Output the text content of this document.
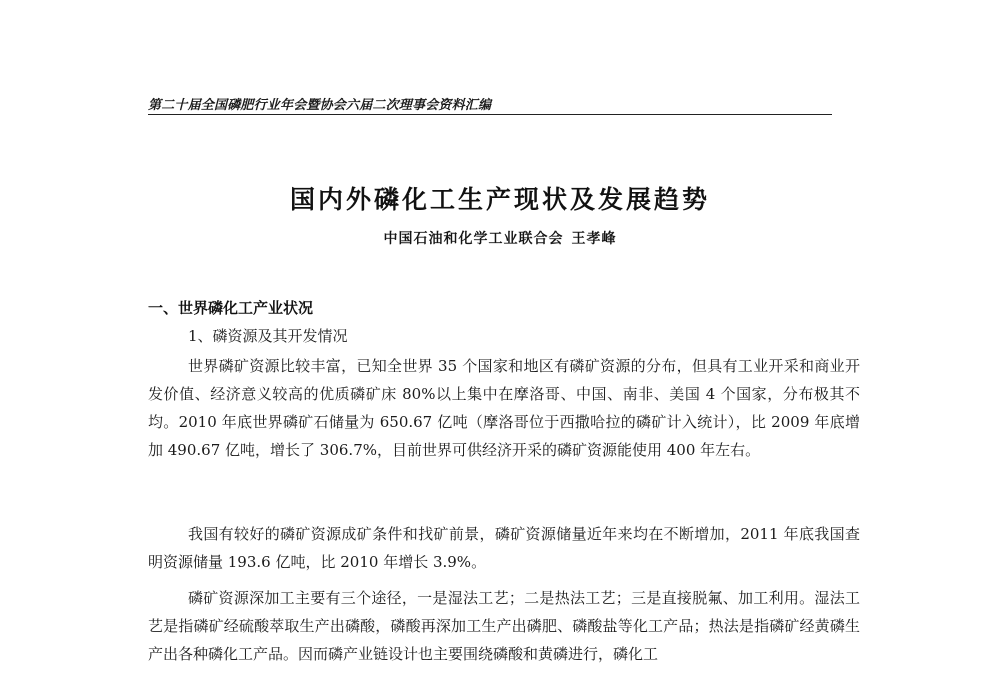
第二十届全国磷肥行业年会暨协会六届二次理事会资料汇编
国内外磷化工生产现状及发展趋势
中国石油和化学工业联合会 王孝峰
一、世界磷化工产业状况
1、磷资源及其开发情况

世界磷矿资源比较丰富，已知全世界 35 个国家和地区有磷矿资源的分布，但具有工业开采和商业开发价值、经济意义较高的优质磷矿床 80%以上集中在摩洛哥、中国、南非、美国 4 个国家，分布极其不均。2010 年底世界磷矿石储量为 650.67 亿吨（摩洛哥位于西撒哈拉的磷矿计入统计），比 2009 年底增加 490.67 亿吨，增长了 306.7%，目前世界可供经济开采的磷矿资源能使用 400 年左右。

我国有较好的磷矿资源成矿条件和找矿前景，磷矿资源储量近年来均在不断增加，2011 年底我国查明资源储量 193.6 亿吨，比 2010 年增长 3.9%。

磷矿资源深加工主要有三个途径，一是湿法工艺；二是热法工艺；三是直接脱氟、加工利用。湿法工艺是指磷矿经硫酸萃取生产出磷酸，磷酸再深加工生产出磷肥、磷酸盐等化工产品；热法是指磷矿经黄磷生产出各种磷化工产品。因而磷产业链设计也主要围绕磷酸和黄磷进行，磷化工
